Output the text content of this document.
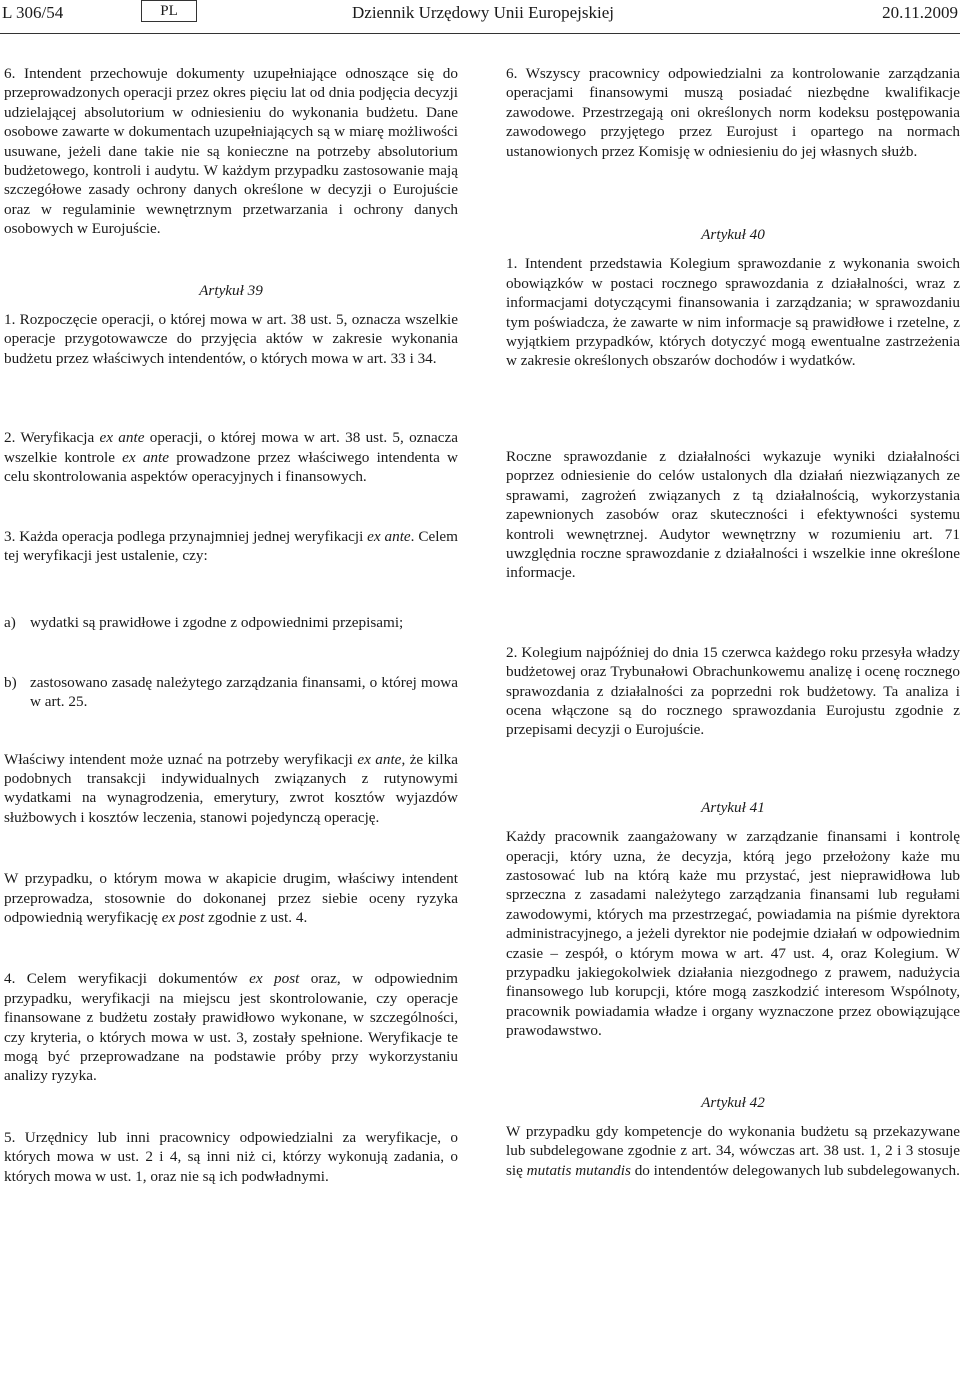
L 306/54	PL	Dziennik Urzędowy Unii Europejskiej	20.11.2009

6. Intendent przechowuje dokumenty uzupełniające odnoszące się do przeprowadzonych operacji przez okres pięciu lat od dnia podjęcia decyzji udzielającej absolutorium w odniesieniu do wykonania budżetu. Dane osobowe zawarte w dokumentach uzupełniających są w miarę możliwości usuwane, jeżeli dane takie nie są konieczne na potrzeby absolutorium budżetowego, kontroli i audytu. W każdym przypadku zastosowanie mają szczegółowe zasady ochrony danych określone w decyzji o Eurojuście oraz w regulaminie wewnętrznym przetwarzania i ochrony danych osobowych w Eurojuście.

Artykuł 39

1. Rozpoczęcie operacji, o której mowa w art. 38 ust. 5, oznacza wszelkie operacje przygotowawcze do przyjęcia aktów w zakresie wykonania budżetu przez właściwych intendentów, o których mowa w art. 33 i 34.

2. Weryfikacja ex ante operacji, o której mowa w art. 38 ust. 5, oznacza wszelkie kontrole ex ante prowadzone przez właściwego intendenta w celu skontrolowania aspektów operacyjnych i finansowych.

3. Każda operacja podlega przynajmniej jednej weryfikacji ex ante. Celem tej weryfikacji jest ustalenie, czy:

a) wydatki są prawidłowe i zgodne z odpowiednimi przepisami;
b) zastosowano zasadę należytego zarządzania finansami, o której mowa w art. 25.

Właściwy intendent może uznać na potrzeby weryfikacji ex ante, że kilka podobnych transakcji indywidualnych związanych z rutynowymi wydatkami na wynagrodzenia, emerytury, zwrot kosztów wyjazdów służbowych i kosztów leczenia, stanowi pojedynczą operację.

W przypadku, o którym mowa w akapicie drugim, właściwy intendent przeprowadza, stosownie do dokonanej przez siebie oceny ryzyka odpowiednią weryfikację ex post zgodnie z ust. 4.

4. Celem weryfikacji dokumentów ex post oraz, w odpowiednim przypadku, weryfikacji na miejscu jest skontrolowanie, czy operacje finansowane z budżetu zostały prawidłowo wykonane, w szczególności, czy kryteria, o których mowa w ust. 3, zostały spełnione. Weryfikacje te mogą być przeprowadzane na podstawie próby przy wykorzystaniu analizy ryzyka.

5. Urzędnicy lub inni pracownicy odpowiedzialni za weryfikacje, o których mowa w ust. 2 i 4, są inni niż ci, którzy wykonują zadania, o których mowa w ust. 1, oraz nie są ich podwładnymi.

6. Wszyscy pracownicy odpowiedzialni za kontrolowanie zarządzania operacjami finansowymi muszą posiadać niezbędne kwalifikacje zawodowe. Przestrzegają oni określonych norm kodeksu postępowania zawodowego przyjętego przez Eurojust i opartego na normach ustanowionych przez Komisję w odniesieniu do jej własnych służb.

Artykuł 40

1. Intendent przedstawia Kolegium sprawozdanie z wykonania swoich obowiązków w postaci rocznego sprawozdania z działalności, wraz z informacjami dotyczącymi finansowania i zarządzania; w sprawozdaniu tym poświadcza, że zawarte w nim informacje są prawidłowe i rzetelne, z wyjątkiem przypadków, których dotyczyć mogą ewentualne zastrzeżenia w zakresie określonych obszarów dochodów i wydatków.

Roczne sprawozdanie z działalności wykazuje wyniki działalności poprzez odniesienie do celów ustalonych dla działań niezwiązanych ze sprawami, zagrożeń związanych z tą działalnością, wykorzystania zapewnionych zasobów oraz skuteczności i efektywności systemu kontroli wewnętrznej. Audytor wewnętrzny w rozumieniu art. 71 uwzględnia roczne sprawozdanie z działalności i wszelkie inne określone informacje.

2. Kolegium najpóźniej do dnia 15 czerwca każdego roku przesyła władzy budżetowej oraz Trybunałowi Obrachunkowemu analizę i ocenę rocznego sprawozdania z działalności za poprzedni rok budżetowy. Ta analiza i ocena włączone są do rocznego sprawozdania Eurojustu zgodnie z przepisami decyzji o Eurojuście.

Artykuł 41

Każdy pracownik zaangażowany w zarządzanie finansami i kontrolę operacji, który uzna, że decyzja, którą jego przełożony każe mu zastosować lub na którą każe mu przystać, jest nieprawidłowa lub sprzeczna z zasadami należytego zarządzania finansami lub regułami zawodowymi, których ma przestrzegać, powiadamia na piśmie dyrektora administracyjnego, a jeżeli dyrektor nie podejmie działań w odpowiednim czasie – zespół, o którym mowa w art. 47 ust. 4, oraz Kolegium. W przypadku jakiegokolwiek działania niezgodnego z prawem, nadużycia finansowego lub korupcji, które mogą zaszkodzić interesom Wspólnoty, pracownik powiadamia władze i organy wyznaczone przez obowiązujące prawodawstwo.

Artykuł 42

W przypadku gdy kompetencje do wykonania budżetu są przekazywane lub subdelegowane zgodnie z art. 34, wówczas art. 38 ust. 1, 2 i 3 stosuje się mutatis mutandis do intendentów delegowanych lub subdelegowanych.
